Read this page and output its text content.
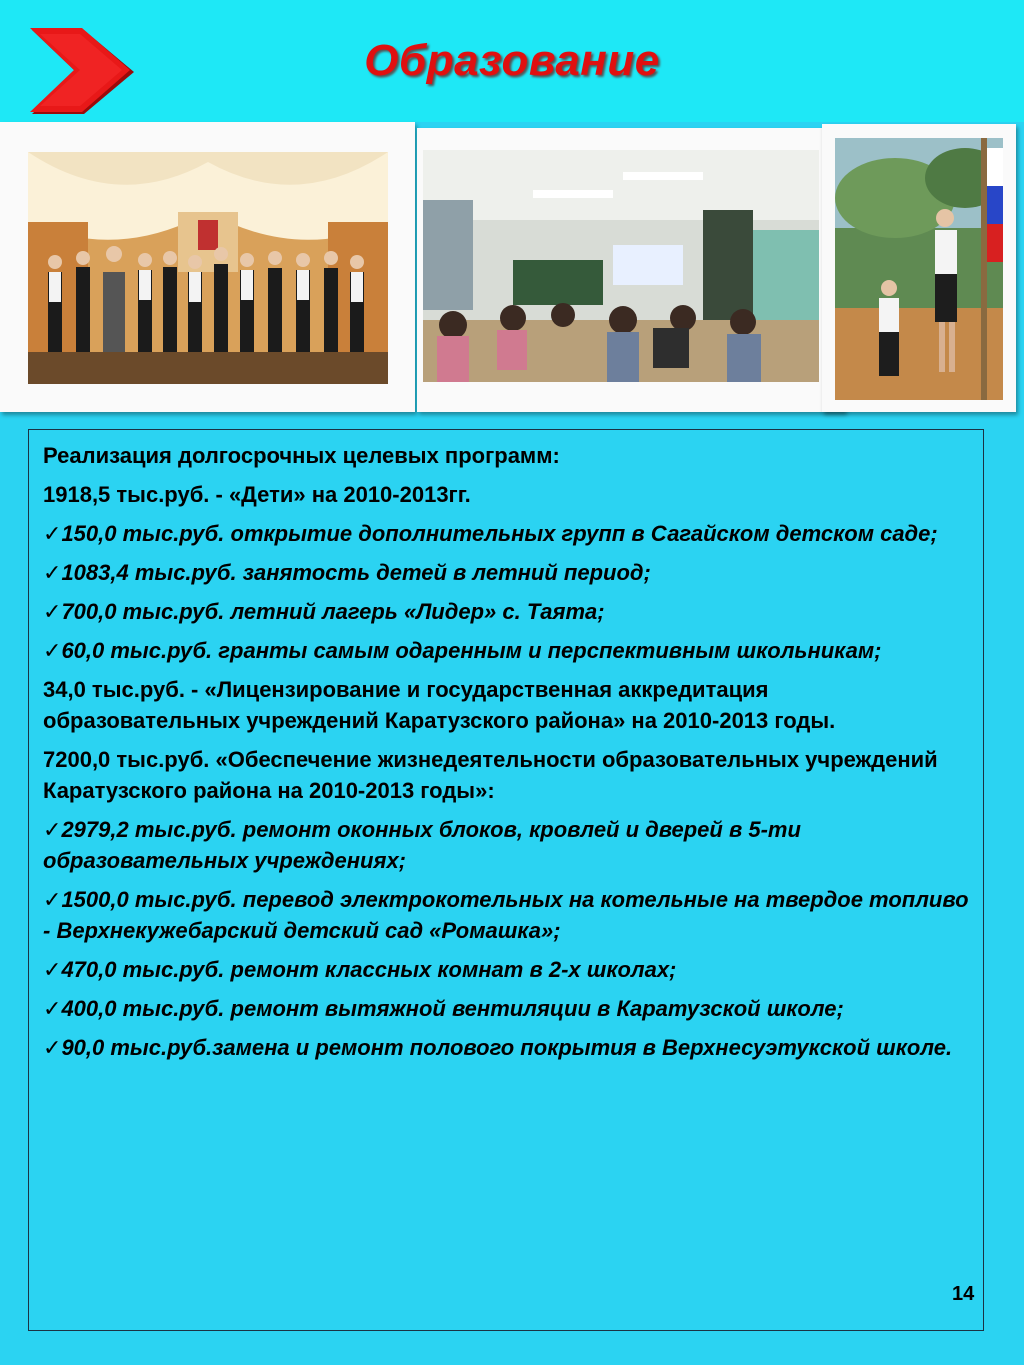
Образование

Реализация долгосрочных целевых программ:

1918,5 тыс.руб. - «Дети» на 2010-2013гг.

✓150,0 тыс.руб. открытие дополнительных групп в Сагайском детском саде;

✓1083,4 тыс.руб. занятость детей в летний период;

✓700,0 тыс.руб. летний лагерь «Лидер» с. Таята;

✓60,0 тыс.руб. гранты самым одаренным и перспективным школьникам;

34,0 тыс.руб. - «Лицензирование и государственная аккредитация образовательных учреждений Каратузского района» на 2010-2013 годы.

7200,0 тыс.руб. «Обеспечение жизнедеятельности образовательных учреждений Каратузского района на 2010-2013 годы»:

✓2979,2 тыс.руб. ремонт оконных блоков, кровлей и дверей в 5-ти образовательных учреждениях;

✓1500,0 тыс.руб. перевод электрокотельных на котельные на твердое топливо - Верхнекужебарский детский сад «Ромашка»;

✓470,0 тыс.руб. ремонт классных комнат в 2-х школах;

✓400,0 тыс.руб. ремонт вытяжной вентиляции в Каратузской школе;

✓90,0 тыс.руб.замена и ремонт полового покрытия в Верхнесуэтукской школе.

14
